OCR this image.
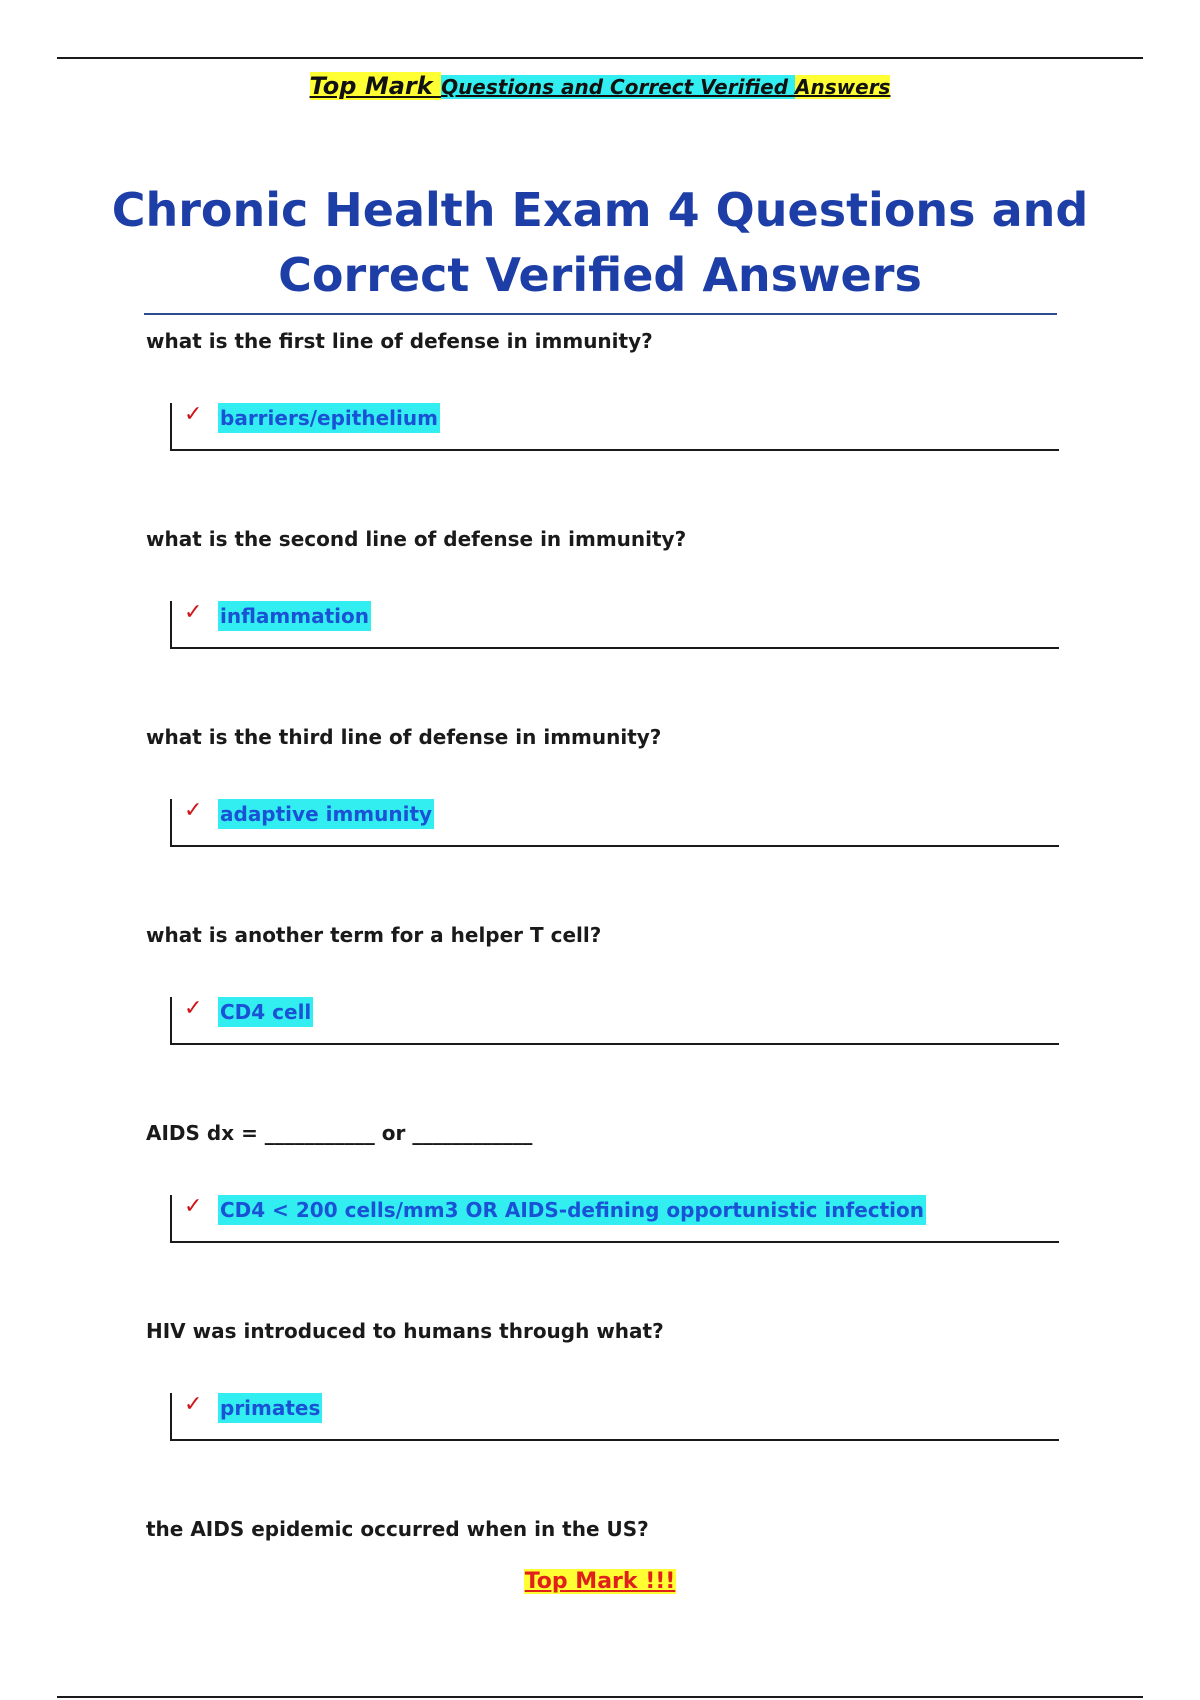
Top Mark Questions and Correct Verified Answers
Chronic Health Exam 4 Questions and Correct Verified Answers
what is the first line of defense in immunity?
✓ barriers/epithelium
what is the second line of defense in immunity?
✓ inflammation
what is the third line of defense in immunity?
✓ adaptive immunity
what is another term for a helper T cell?
✓ CD4 cell
AIDS dx = ___________ or ____________
✓ CD4 < 200 cells/mm3 OR AIDS-defining opportunistic infection
HIV was introduced to humans through what?
✓ primates
the AIDS epidemic occurred when in the US?
Top Mark !!!
